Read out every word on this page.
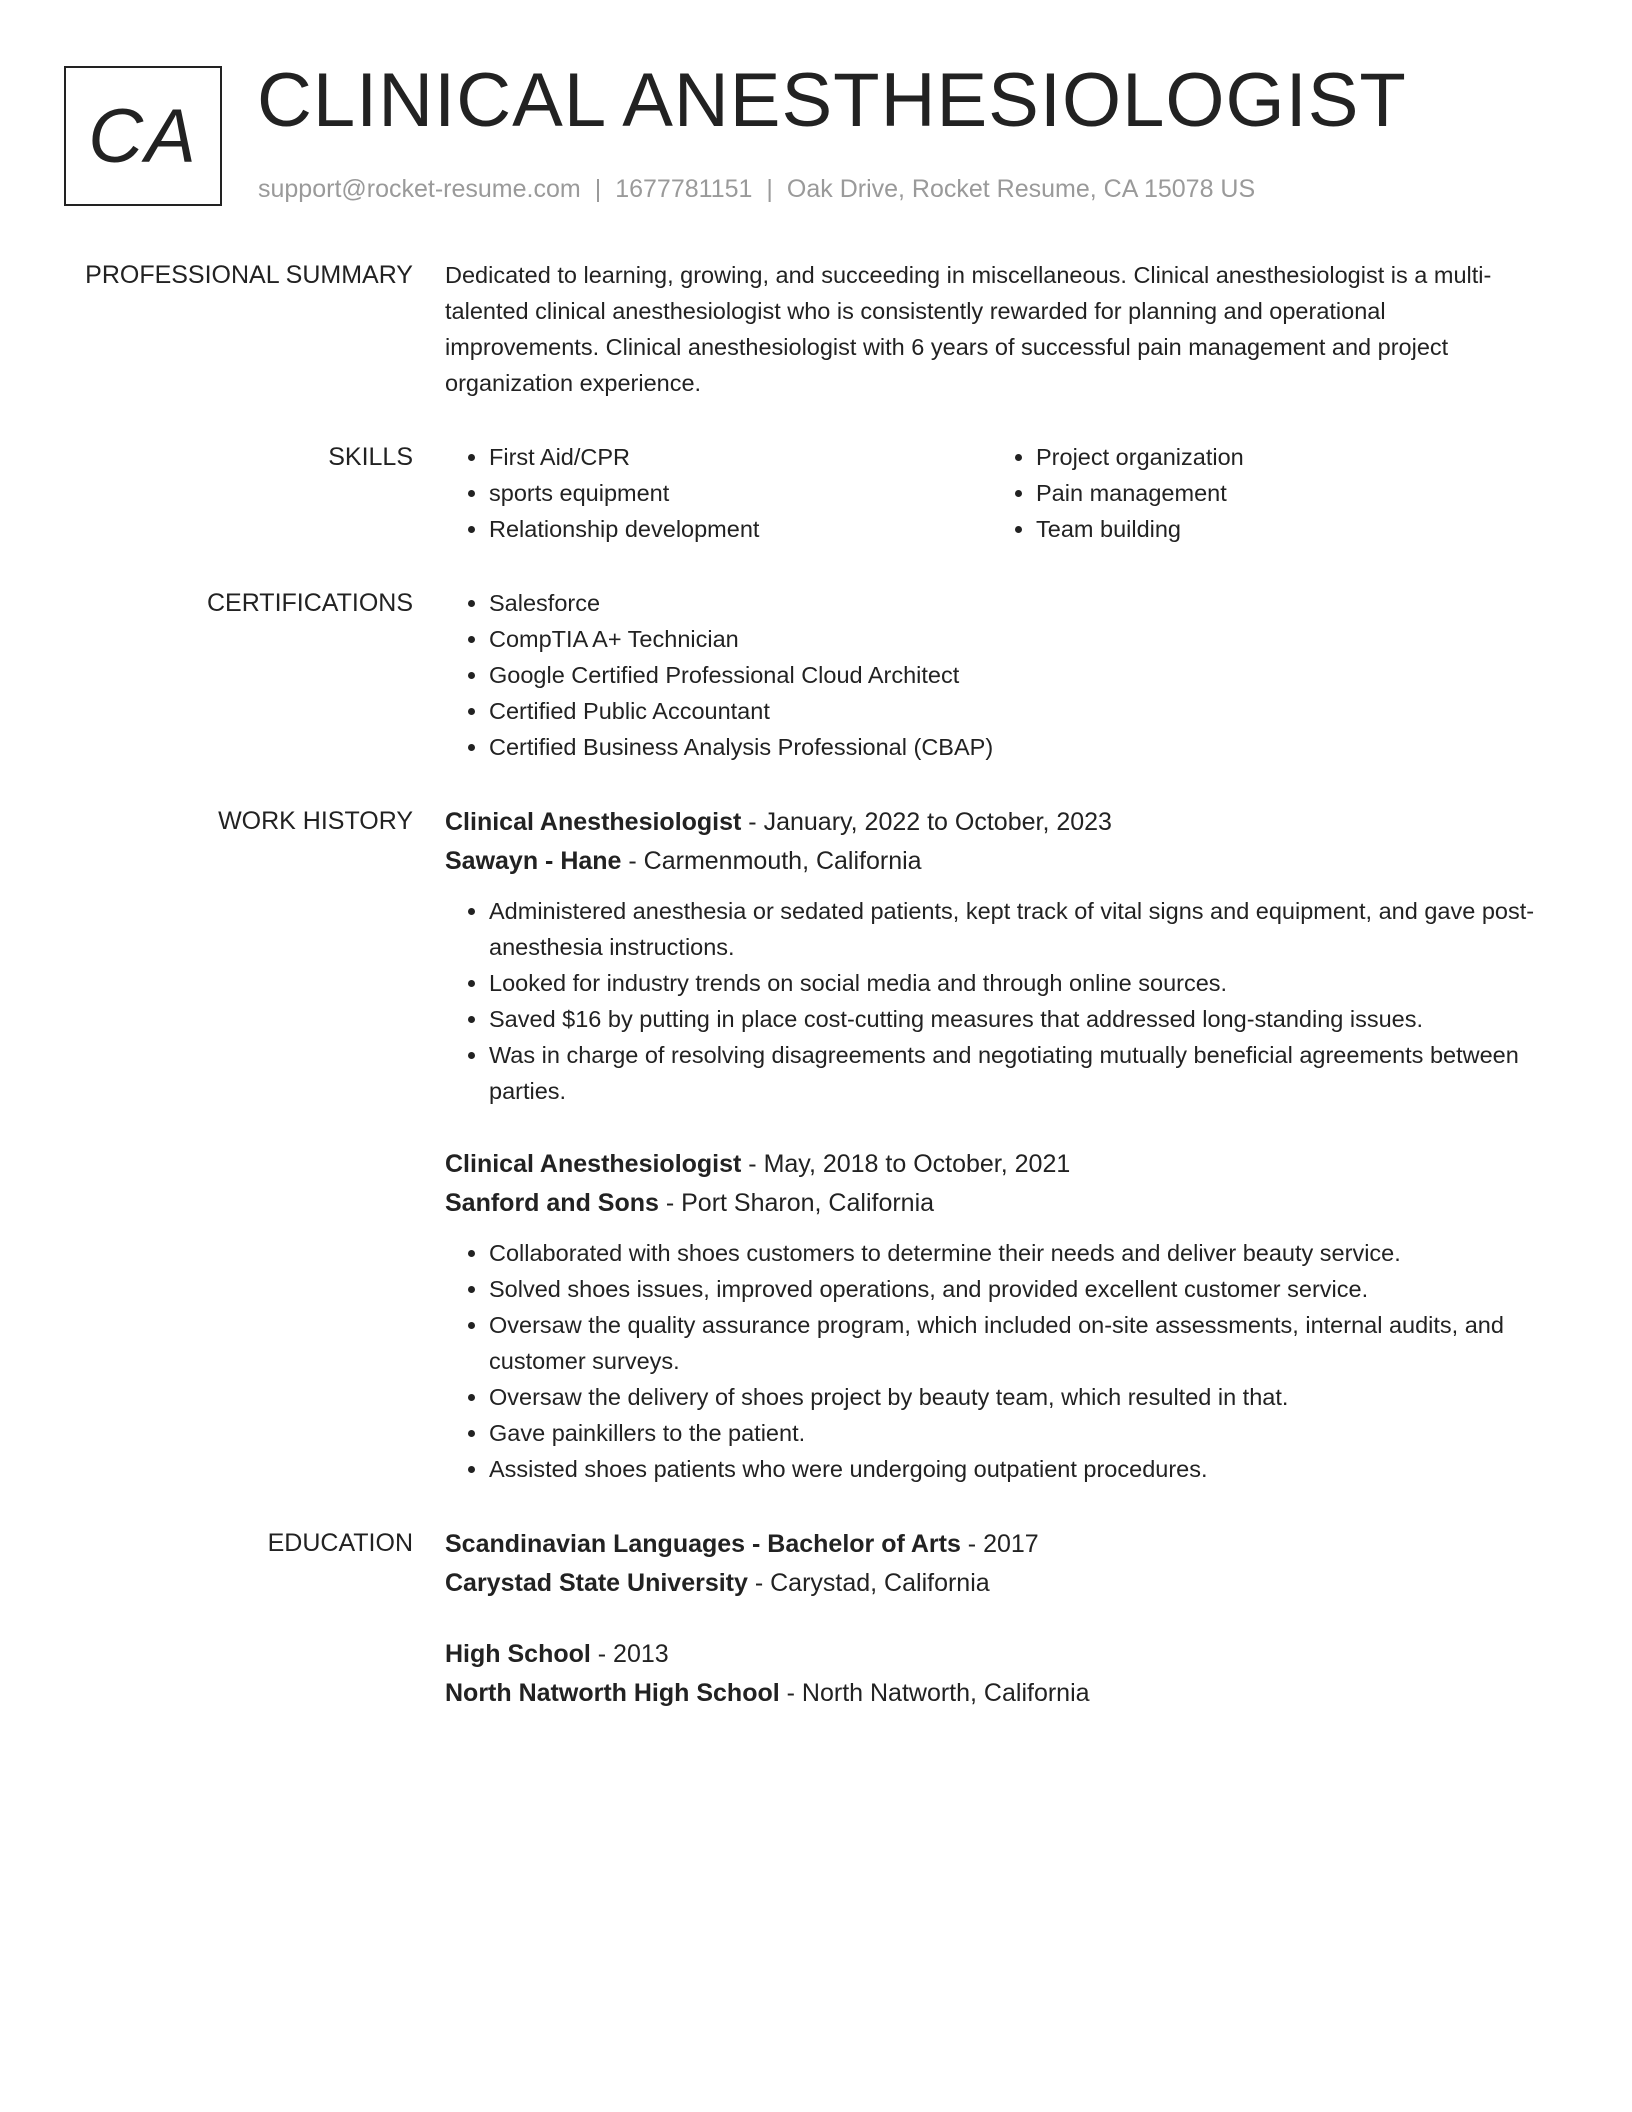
CA CLINICAL ANESTHESIOLOGIST
support@rocket-resume.com | 1677781151 | Oak Drive, Rocket Resume, CA 15078 US
PROFESSIONAL SUMMARY Dedicated to learning, growing, and succeeding in miscellaneous. Clinical anesthesiologist is a multi-talented clinical anesthesiologist who is consistently rewarded for planning and operational improvements. Clinical anesthesiologist with 6 years of successful pain management and project organization experience.

SKILLS	• First Aid/CPR	• Project organization
• sports equipment	• Pain management
• Relationship development	• Team building
CERTIFICATIONS	• Salesforce
• CompTIA A+ Technician
• Google Certified Professional Cloud Architect
• Certified Public Accountant
• Certified Business Analysis Professional (CBAP)
WORK HISTORY Clinical Anesthesiologist - January, 2022 to October, 2023
Sawayn - Hane - Carmenmouth, California
• Administered anesthesia or sedated patients, kept track of vital signs and equipment, and gave post-anesthesia instructions.
• Looked for industry trends on social media and through online sources.
• Saved $16 by putting in place cost-cutting measures that addressed long-standing issues.
• Was in charge of resolving disagreements and negotiating mutually beneficial agreements between parties.
Clinical Anesthesiologist - May, 2018 to October, 2021
Sanford and Sons - Port Sharon, California
• Collaborated with shoes customers to determine their needs and deliver beauty service.
• Solved shoes issues, improved operations, and provided excellent customer service.
• Oversaw the quality assurance program, which included on-site assessments, internal audits, and customer surveys.
• Oversaw the delivery of shoes project by beauty team, which resulted in that.
• Gave painkillers to the patient.
• Assisted shoes patients who were undergoing outpatient procedures.
EDUCATION Scandinavian Languages - Bachelor of Arts - 2017
Carystad State University - Carystad, California
High School - 2013
North Natworth High School - North Natworth, California
